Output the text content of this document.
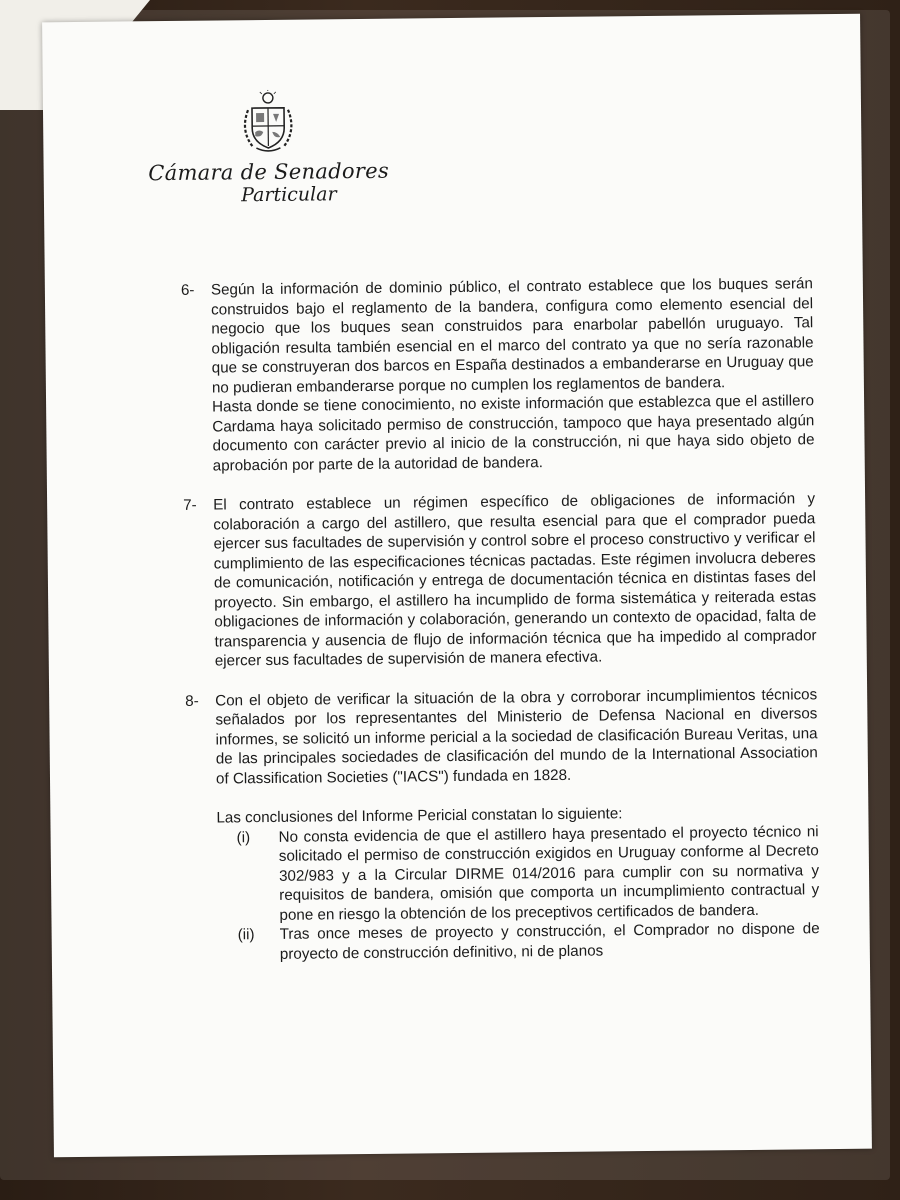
Cámara de Senadores
Particular
6-	Según la información de dominio público, el contrato establece que los buques serán construidos bajo el reglamento de la bandera, configura como elemento esencial del negocio que los buques sean construidos para enarbolar pabellón uruguayo. Tal obligación resulta también esencial en el marco del contrato ya que no sería razonable que se construyeran dos barcos en España destinados a embanderarse en Uruguay que no pudieran embanderarse porque no cumplen los reglamentos de bandera.

Hasta donde se tiene conocimiento, no existe información que establezca que el astillero Cardama haya solicitado permiso de construcción, tampoco que haya presentado algún documento con carácter previo al inicio de la construcción, ni que haya sido objeto de aprobación por parte de la autoridad de bandera.

7-	El contrato establece un régimen específico de obligaciones de información y colaboración a cargo del astillero, que resulta esencial para que el comprador pueda ejercer sus facultades de supervisión y control sobre el proceso constructivo y verificar el cumplimiento de las especificaciones técnicas pactadas. Este régimen involucra deberes de comunicación, notificación y entrega de documentación técnica en distintas fases del proyecto. Sin embargo, el astillero ha incumplido de forma sistemática y reiterada estas obligaciones de información y colaboración, generando un contexto de opacidad, falta de transparencia y ausencia de flujo de información técnica que ha impedido al comprador ejercer sus facultades de supervisión de manera efectiva.

8-	Con el objeto de verificar la situación de la obra y corroborar incumplimientos técnicos señalados por los representantes del Ministerio de Defensa Nacional en diversos informes, se solicitó un informe pericial a la sociedad de clasificación Bureau Veritas, una de las principales sociedades de clasificación del mundo de la International Association of Classification Societies ("IACS") fundada en 1828.

Las conclusiones del Informe Pericial constatan lo siguiente:

(i)	No consta evidencia de que el astillero haya presentado el proyecto técnico ni solicitado el permiso de construcción exigidos en Uruguay conforme al Decreto 302/983 y a la Circular DIRME 014/2016 para cumplir con su normativa y requisitos de bandera, omisión que comporta un incumplimiento contractual y pone en riesgo la obtención de los preceptivos certificados de bandera.
(ii)	Tras once meses de proyecto y construcción, el Comprador no dispone de proyecto de construcción definitivo, ni de planos
